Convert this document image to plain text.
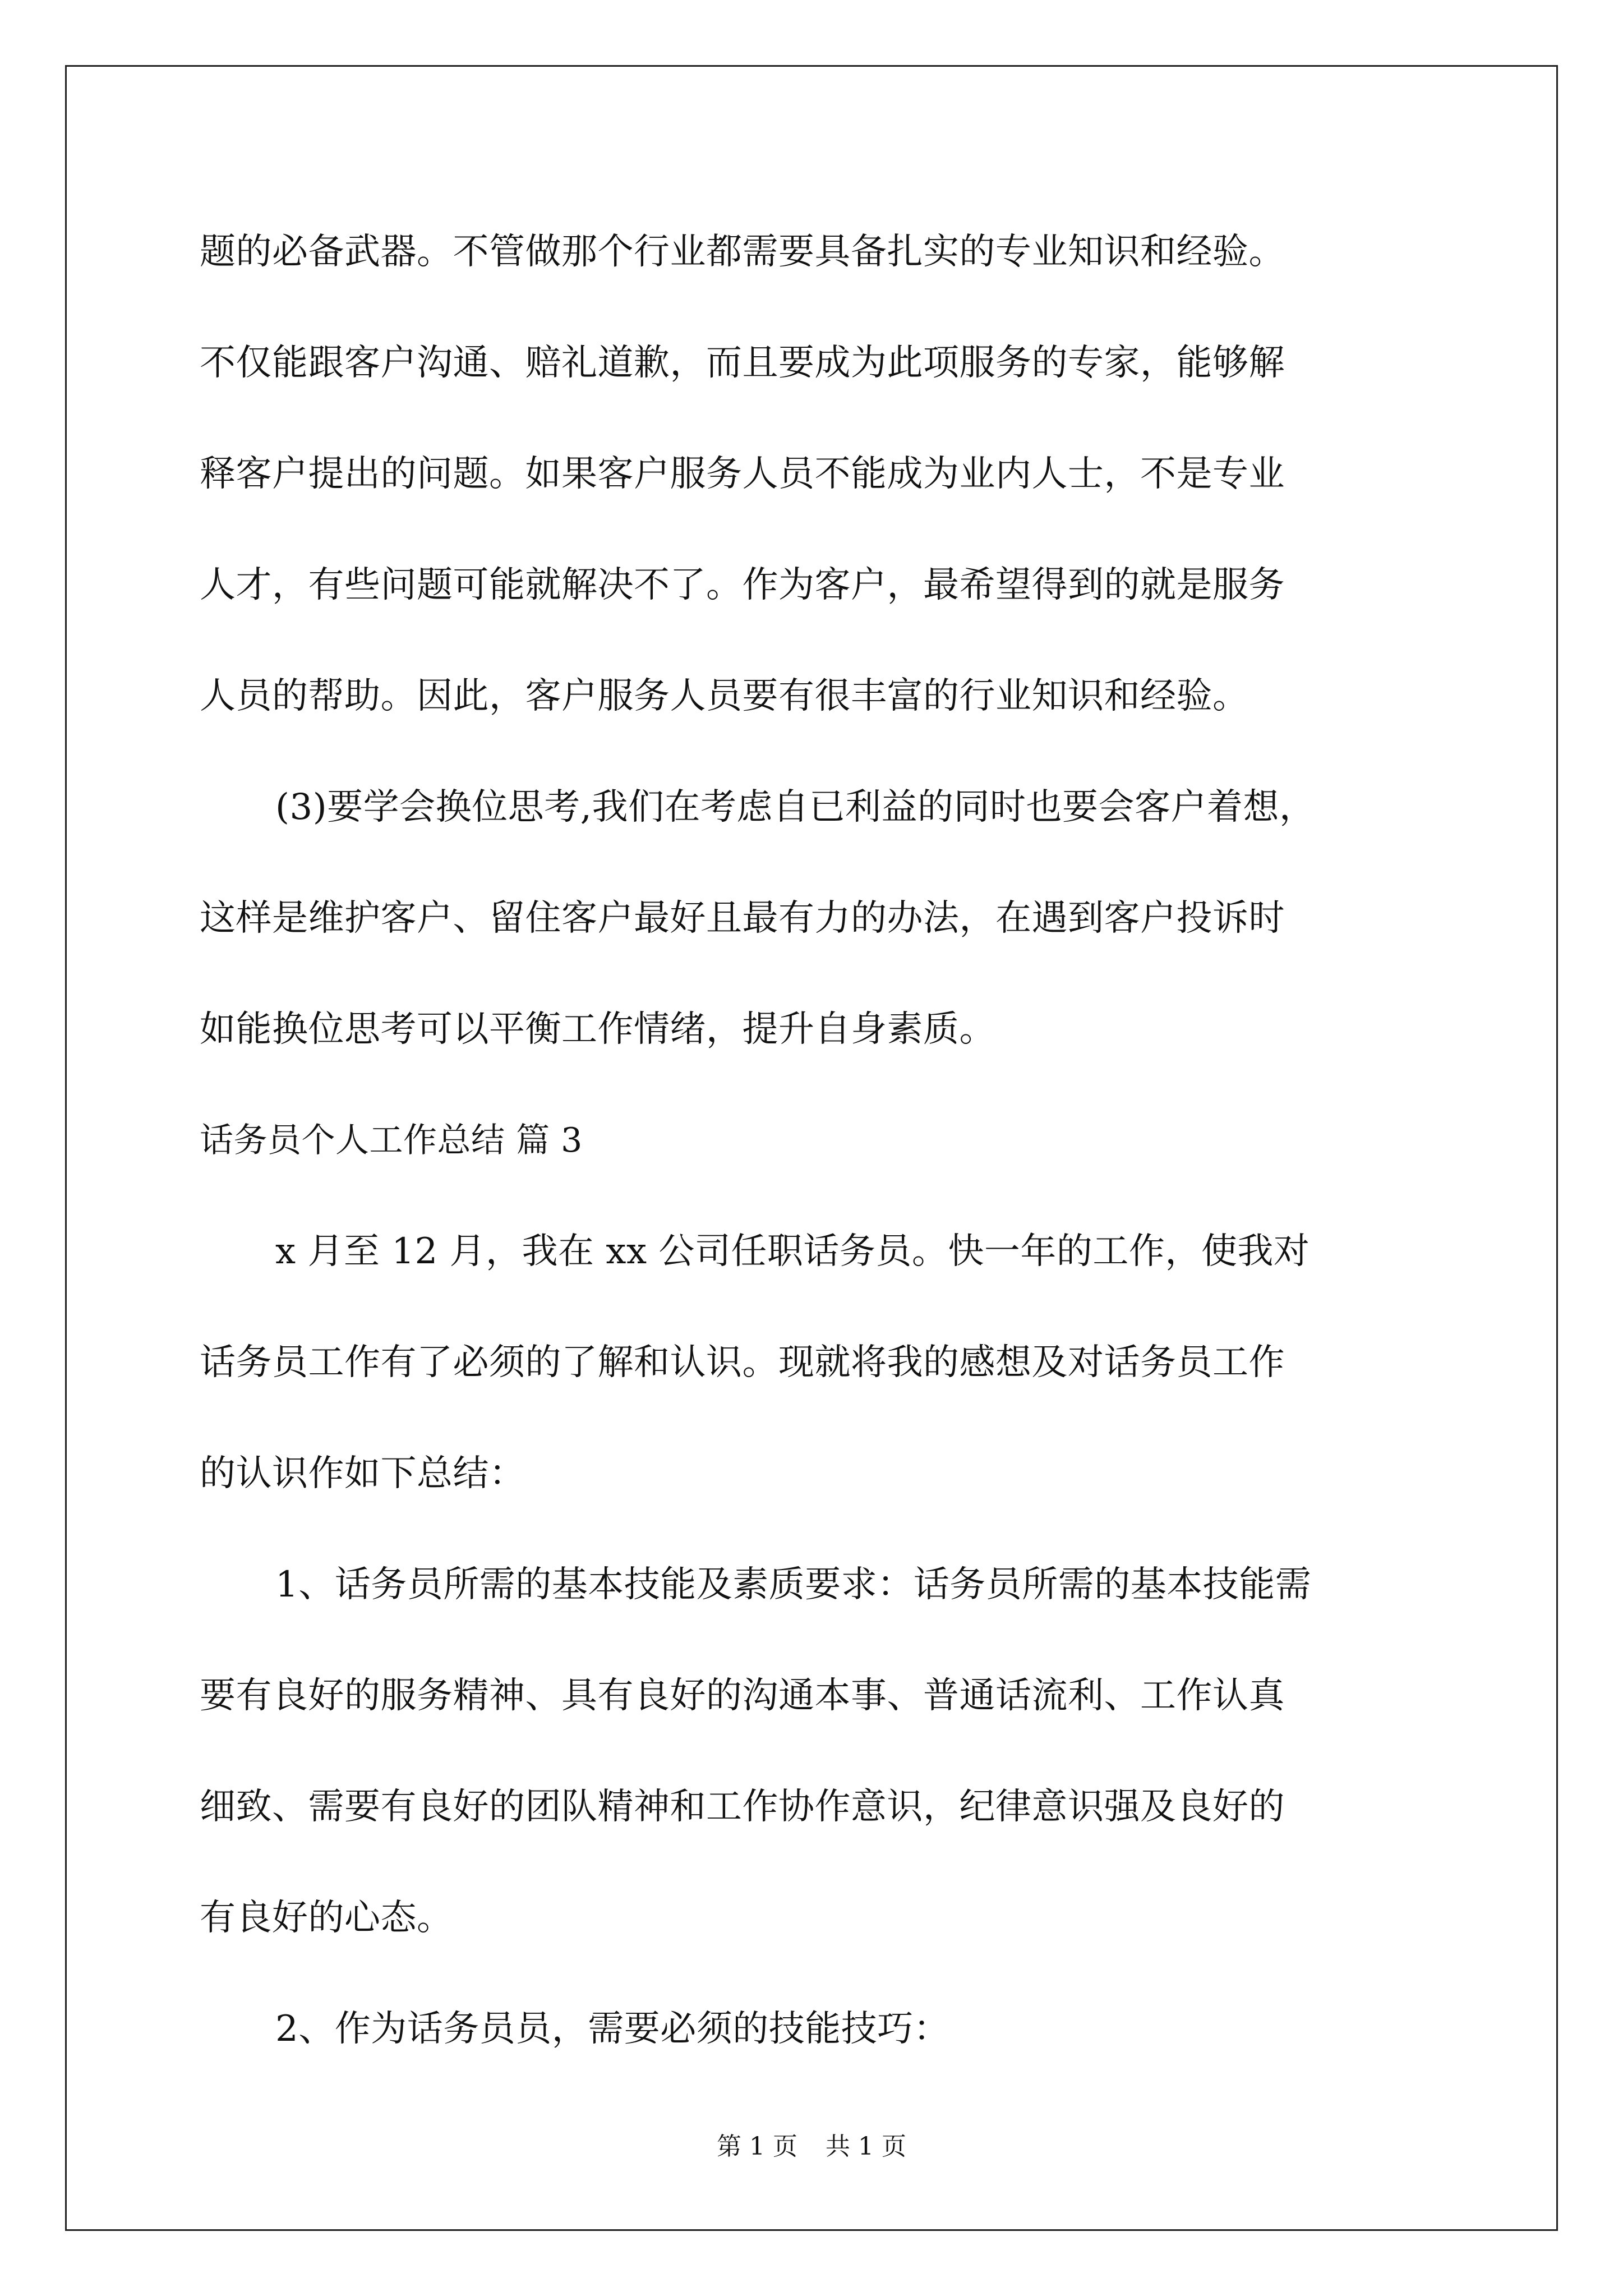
题的必备武器。不管做那个行业都需要具备扎实的专业知识和经验。
不仅能跟客户沟通、赔礼道歉，而且要成为此项服务的专家，能够解
释客户提出的问题。如果客户服务人员不能成为业内人士，不是专业
人才，有些问题可能就解决不了。作为客户，最希望得到的就是服务
人员的帮助。因此，客户服务人员要有很丰富的行业知识和经验。
(3)要学会换位思考,我们在考虑自已利益的同时也要会客户着想，
这样是维护客户、留住客户最好且最有力的办法，在遇到客户投诉时
如能换位思考可以平衡工作情绪，提升自身素质。
话务员个人工作总结 篇 3
x 月至 12 月，我在 xx 公司任职话务员。快一年的工作，使我对
话务员工作有了必须的了解和认识。现就将我的感想及对话务员工作
的认识作如下总结：
1、话务员所需的基本技能及素质要求：话务员所需的基本技能需
要有良好的服务精神、具有良好的沟通本事、普通话流利、工作认真
细致、需要有良好的团队精神和工作协作意识，纪律意识强及良好的
有良好的心态。
2、作为话务员员，需要必须的技能技巧：
第 1 页 共 1 页
